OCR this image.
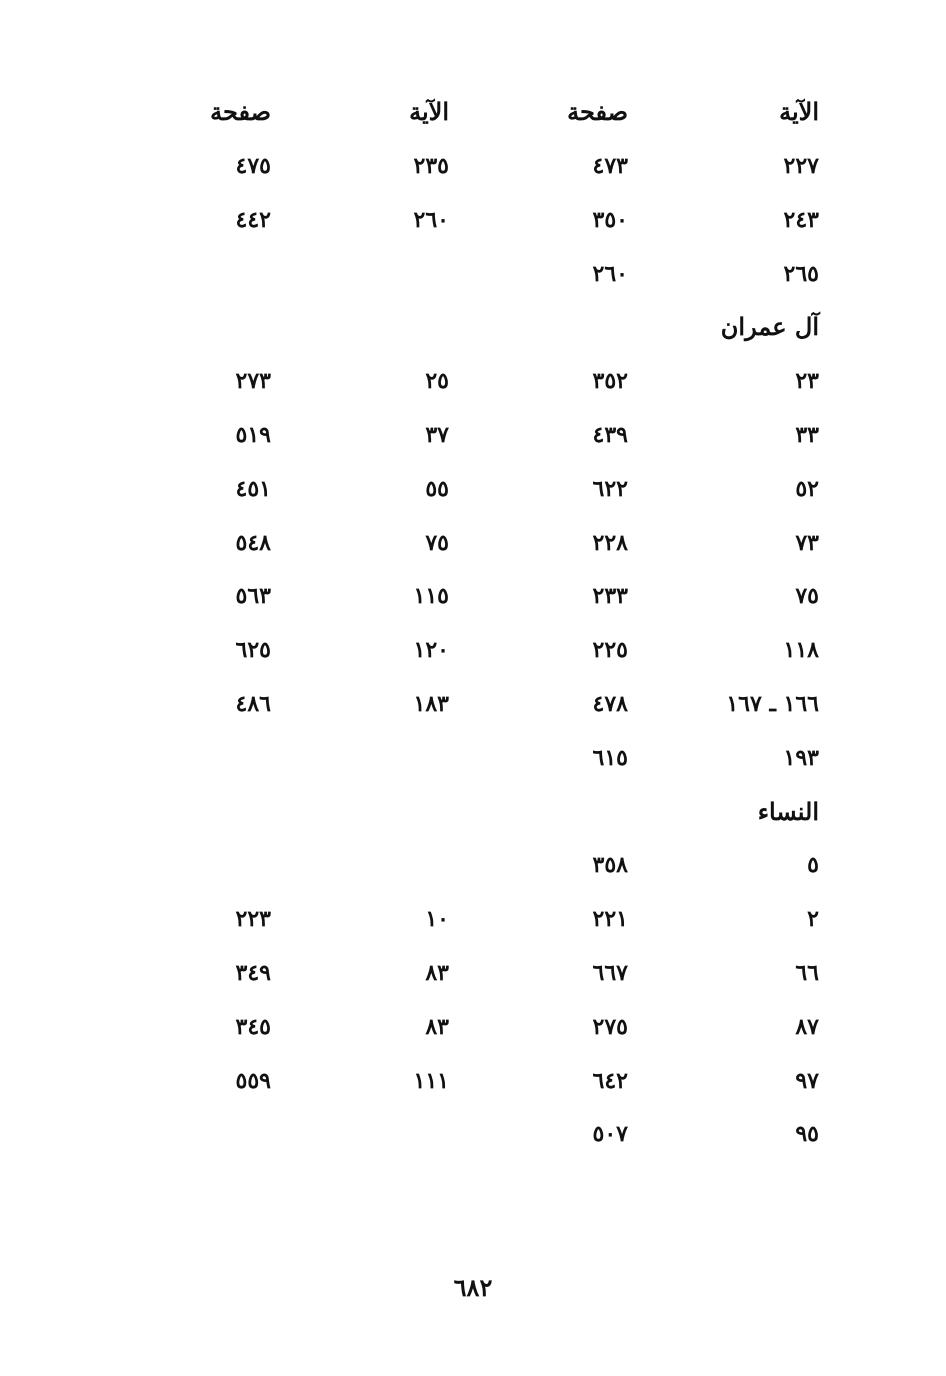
الآية
صفحة
الآية
صفحة
٢٢٧
٤٧٣
٢٣٥
٤٧٥
٢٤٣
٣٥٠
٢٦٠
٤٤٢
٢٦٥
٢٦٠
آل عمران
٢٣
٣٥٢
٢٥
٢٧٣
٣٣
٤٣٩
٣٧
٥١٩
٥٢
٦٢٢
٥٥
٤٥١
٧٣
٢٢٨
٧٥
٥٤٨
٧٥
٢٣٣
١١٥
٥٦٣
١١٨
٢٢٥
١٢٠
٦٢٥
١٦٦ ـ ١٦٧
٤٧٨
١٨٣
٤٨٦
١٩٣
٦١٥
النساء
٥
٣٥٨
٢
٢٢١
١٠
٢٢٣
٦٦
٦٦٧
٨٣
٣٤٩
٨٧
٢٧٥
٨٣
٣٤٥
٩٧
٦٤٢
١١١
٥٥٩
٩٥
٥٠٧
٦٨٢
